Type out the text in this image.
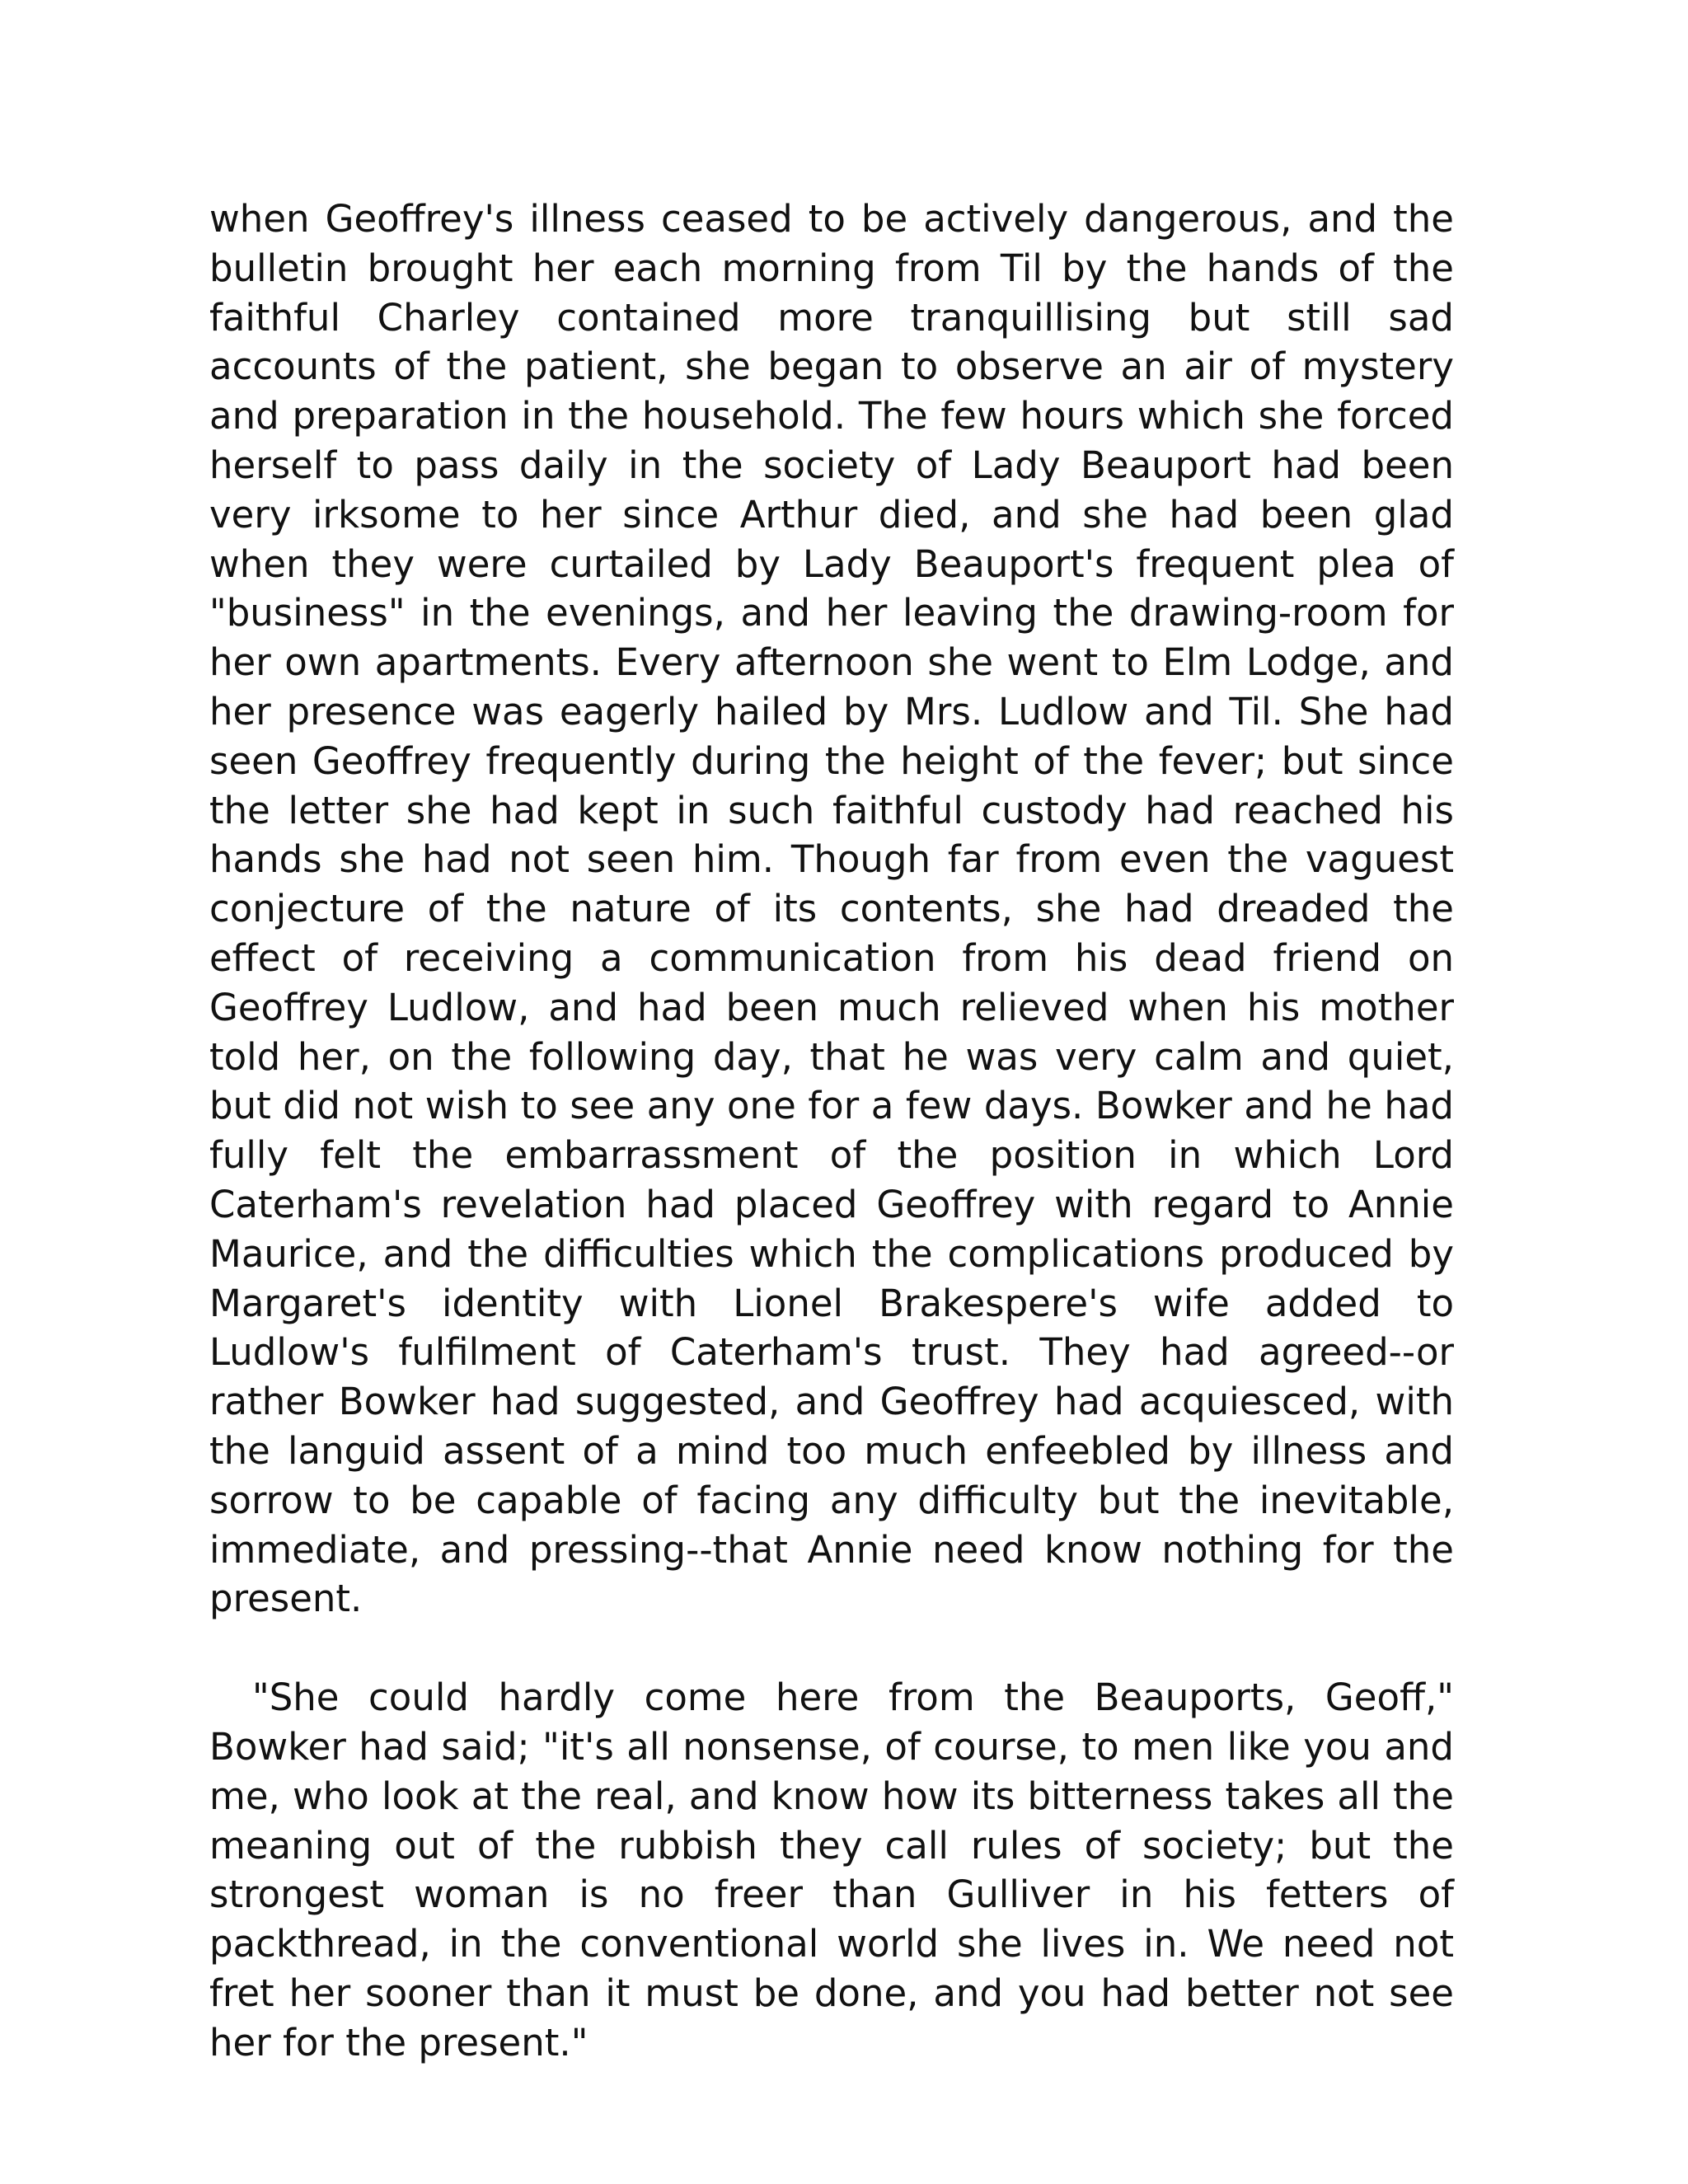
when Geoffrey's illness ceased to be actively dangerous, and the bulletin brought her each morning from Til by the hands of the faithful Charley contained more tranquillising but still sad accounts of the patient, she began to observe an air of mystery and preparation in the household. The few hours which she forced herself to pass daily in the society of Lady Beauport had been very irksome to her since Arthur died, and she had been glad when they were curtailed by Lady Beauport's frequent plea of "business" in the evenings, and her leaving the drawing-room for her own apartments. Every afternoon she went to Elm Lodge, and her presence was eagerly hailed by Mrs. Ludlow and Til. She had seen Geoffrey frequently during the height of the fever; but since the letter she had kept in such faithful custody had reached his hands she had not seen him. Though far from even the vaguest conjecture of the nature of its contents, she had dreaded the effect of receiving a communication from his dead friend on Geoffrey Ludlow, and had been much relieved when his mother told her, on the following day, that he was very calm and quiet, but did not wish to see any one for a few days. Bowker and he had fully felt the embarrassment of the position in which Lord Caterham's revelation had placed Geoffrey with regard to Annie Maurice, and the difficulties which the complications produced by Margaret's identity with Lionel Brakespere's wife added to Ludlow's fulfilment of Caterham's trust. They had agreed--or rather Bowker had suggested, and Geoffrey had acquiesced, with the languid assent of a mind too much enfeebled by illness and sorrow to be capable of facing any difficulty but the inevitable, immediate, and pressing--that Annie need know nothing for the present.

"She could hardly come here from the Beauports, Geoff," Bowker had said; "it's all nonsense, of course, to men like you and me, who look at the real, and know how its bitterness takes all the meaning out of the rubbish they call rules of society; but the strongest woman is no freer than Gulliver in his fetters of packthread, in the conventional world she lives in. We need not fret her sooner than it must be done, and you had better not see her for the present."
